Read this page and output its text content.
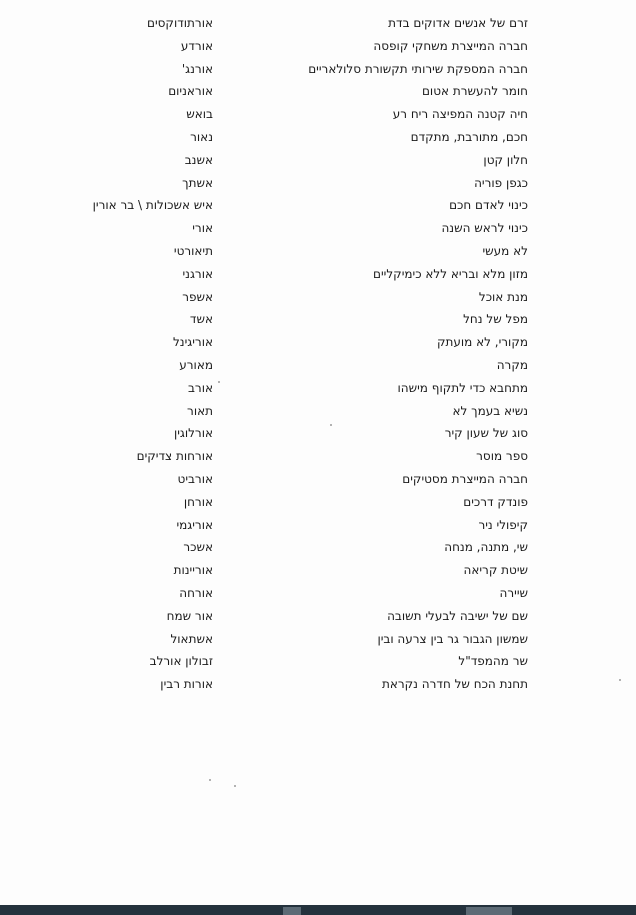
זרם של אנשים אדוקים בדת
אורתודוקסים
חברה המייצרת משחקי קופסה
אורדע
חברה המספקת שירותי תקשורת סלולאריים
אורנג'
חומר להעשרת אטום
אוראניום
חיה קטנה המפיצה ריח רע
בואש
חכם, מתורבת, מתקדם
נאור
חלון קטן
אשנב
כגפן פוריה
אשתך
כינוי לאדם חכם
איש אשכולות \ בר אורין
כינוי לראש השנה
אורי
לא מעשי
תיאורטי
מזון מלא ובריא ללא כימיקליים
אורגני
מנת אוכל
אשפר
מפל של נחל
אשד
מקורי, לא מועתק
אוריגינל
מקרה
מאורע
מתחבא כדי לתקוף מישהו
אורב
נשיא בעמך לא
תאור
סוג של שעון קיר
אורלוגין
ספר מוסר
אורחות צדיקים
חברה המייצרת מסטיקים
אורביט
פונדק דרכים
אורחן
קיפולי ניר
אוריגמי
שי, מתנה, מנחה
אשכר
שיטת קריאה
אוריינות
שיירה
אורחה
שם של ישיבה לבעלי תשובה
אור שמח
שמשון הגבור גר בין צרעה ובין
אשתאול
שר מהמפד"ל
זבולון אורלב
תחנת הכח של חדרה נקראת
אורות רבין
